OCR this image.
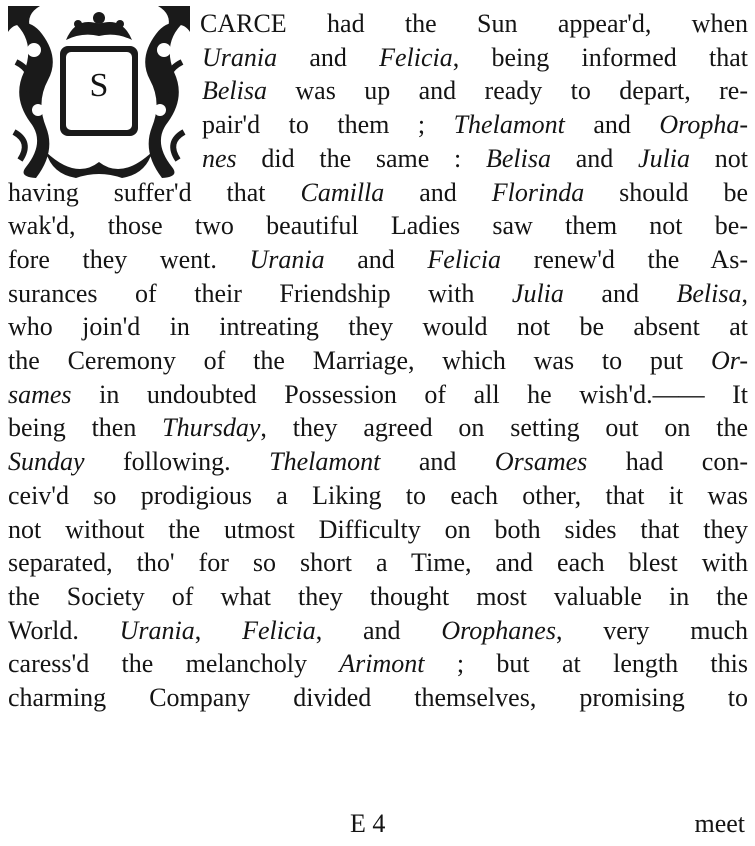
S
CARCE had the Sun appear'd, when
Urania and Felicia, being informed that
Belisa was up and ready to depart, re-
pair'd to them ; Thelamont and Oropha-
nes did the same : Belisa and Julia not
having suffer'd that Camilla and Florinda should be
wak'd, those two beautiful Ladies saw them not be-
fore they went. Urania and Felicia renew'd the As-
surances of their Friendship with Julia and Belisa,
who join'd in intreating they would not be absent at
the Ceremony of the Marriage, which was to put Or-
sames in undoubted Possession of all he wish'd.—— It
being then Thursday, they agreed on setting out on the
Sunday following. Thelamont and Orsames had con-
ceiv'd so prodigious a Liking to each other, that it was
not without the utmost Difficulty on both sides that they
separated, tho' for so short a Time, and each blest with
the Society of what they thought most valuable in the
World. Urania, Felicia, and Orophanes, very much
caress'd the melancholy Arimont ; but at length this
charming Company divided themselves, promising to
E 4	meet
